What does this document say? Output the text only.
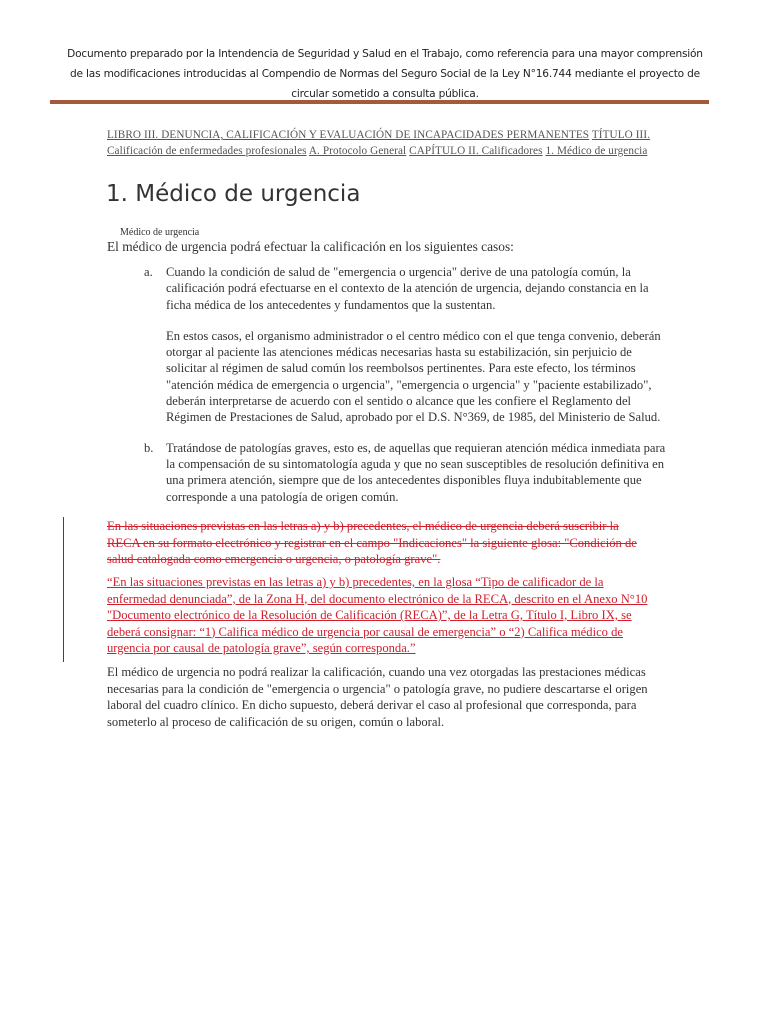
Documento preparado por la Intendencia de Seguridad y Salud en el Trabajo, como referencia para una mayor comprensión de las modificaciones introducidas al Compendio de Normas del Seguro Social de la Ley N°16.744 mediante el proyecto de circular sometido a consulta pública.
LIBRO III. DENUNCIA, CALIFICACIÓN Y EVALUACIÓN DE INCAPACIDADES PERMANENTES TÍTULO III. Calificación de enfermedades profesionales A. Protocolo General CAPÍTULO II. Calificadores 1. Médico de urgencia
1. Médico de urgencia
Médico de urgencia
El médico de urgencia podrá efectuar la calificación en los siguientes casos:
a. Cuando la condición de salud de "emergencia o urgencia" derive de una patología común, la calificación podrá efectuarse en el contexto de la atención de urgencia, dejando constancia en la ficha médica de los antecedentes y fundamentos que la sustentan.

En estos casos, el organismo administrador o el centro médico con el que tenga convenio, deberán otorgar al paciente las atenciones médicas necesarias hasta su estabilización, sin perjuicio de solicitar al régimen de salud común los reembolsos pertinentes. Para este efecto, los términos "atención médica de emergencia o urgencia", "emergencia o urgencia" y "paciente estabilizado", deberán interpretarse de acuerdo con el sentido o alcance que les confiere el Reglamento del Régimen de Prestaciones de Salud, aprobado por el D.S. N°369, de 1985, del Ministerio de Salud.

b. Tratándose de patologías graves, esto es, de aquellas que requieran atención médica inmediata para la compensación de su sintomatología aguda y que no sean susceptibles de resolución definitiva en una primera atención, siempre que de los antecedentes disponibles fluya indubitablemente que corresponde a una patología de origen común.

En las situaciones previstas en las letras a) y b) precedentes, el médico de urgencia deberá suscribir la RECA en su formato electrónico y registrar en el campo "Indicaciones" la siguiente glosa: "Condición de salud catalogada como emergencia o urgencia, o patología grave".
“En las situaciones previstas en las letras a) y b) precedentes, en la glosa “Tipo de calificador de la enfermedad denunciada”, de la Zona H, del documento electrónico de la RECA, descrito en el Anexo N°10 "Documento electrónico de la Resolución de Calificación (RECA)”, de la Letra G, Título I, Libro IX, se deberá consignar: “1) Califica médico de urgencia por causal de emergencia” o “2) Califica médico de urgencia por causal de patología grave”, según corresponda.”
El médico de urgencia no podrá realizar la calificación, cuando una vez otorgadas las prestaciones médicas necesarias para la condición de "emergencia o urgencia" o patología grave, no pudiere descartarse el origen laboral del cuadro clínico. En dicho supuesto, deberá derivar el caso al profesional que corresponda, para someterlo al proceso de calificación de su origen, común o laboral.
